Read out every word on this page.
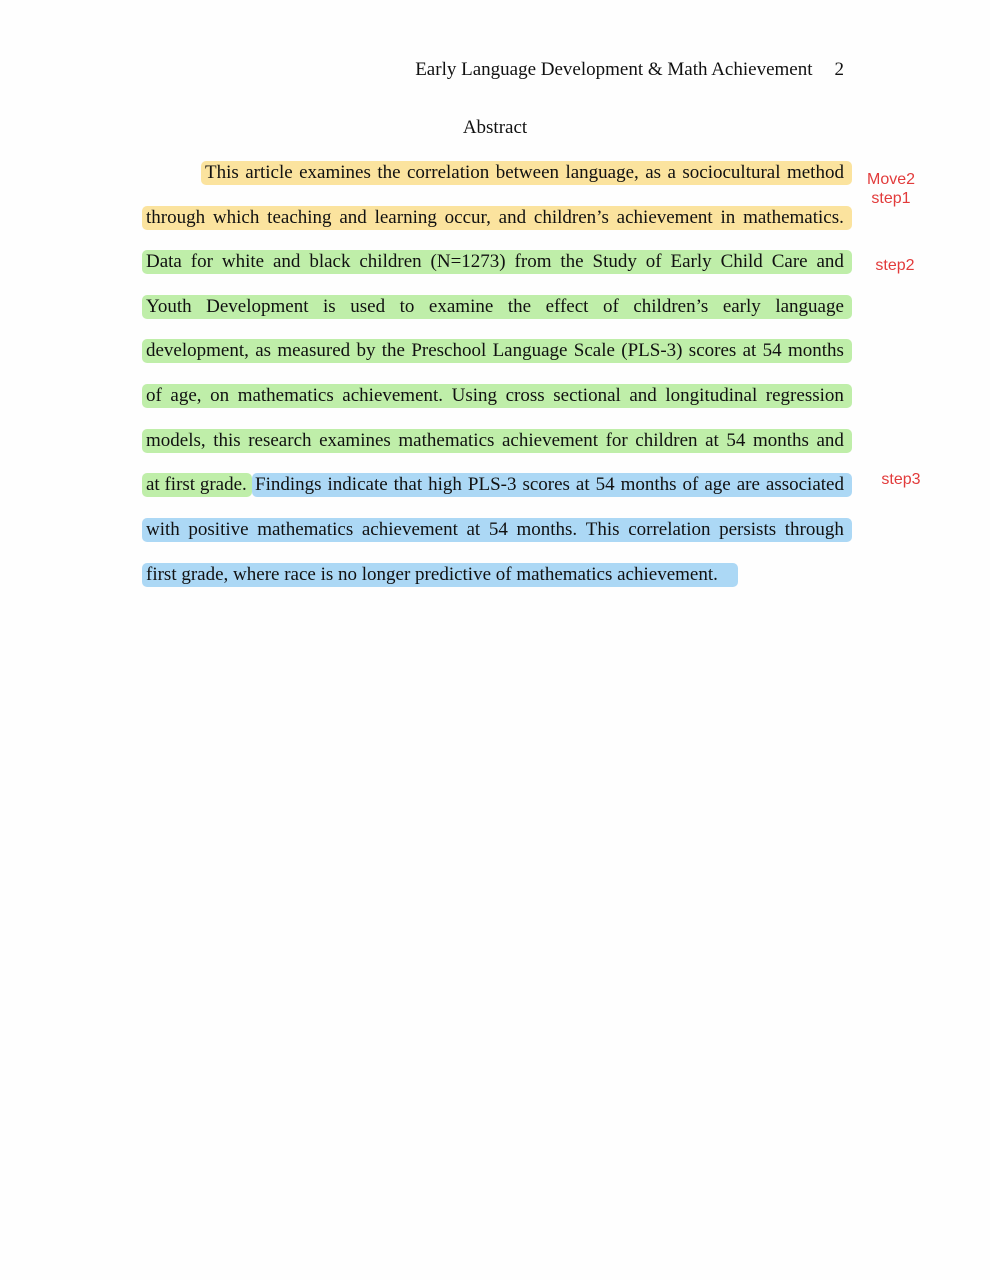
Early Language Development & Math Achievement 2
Abstract
This article examines the correlation between language, as a sociocultural method
through which teaching and learning occur, and children’s achievement in mathematics.
Data for white and black children (N=1273) from the Study of Early Child Care and
Youth Development is used to examine the effect of children’s early language
development, as measured by the Preschool Language Scale (PLS-3) scores at 54 months
of age, on mathematics achievement. Using cross sectional and longitudinal regression
models, this research examines mathematics achievement for children at 54 months and
at first grade. Findings indicate that high PLS-3 scores at 54 months of age are associated
with positive mathematics achievement at 54 months. This correlation persists through
first grade, where race is no longer predictive of mathematics achievement.
Move2
step1
step2
step3
